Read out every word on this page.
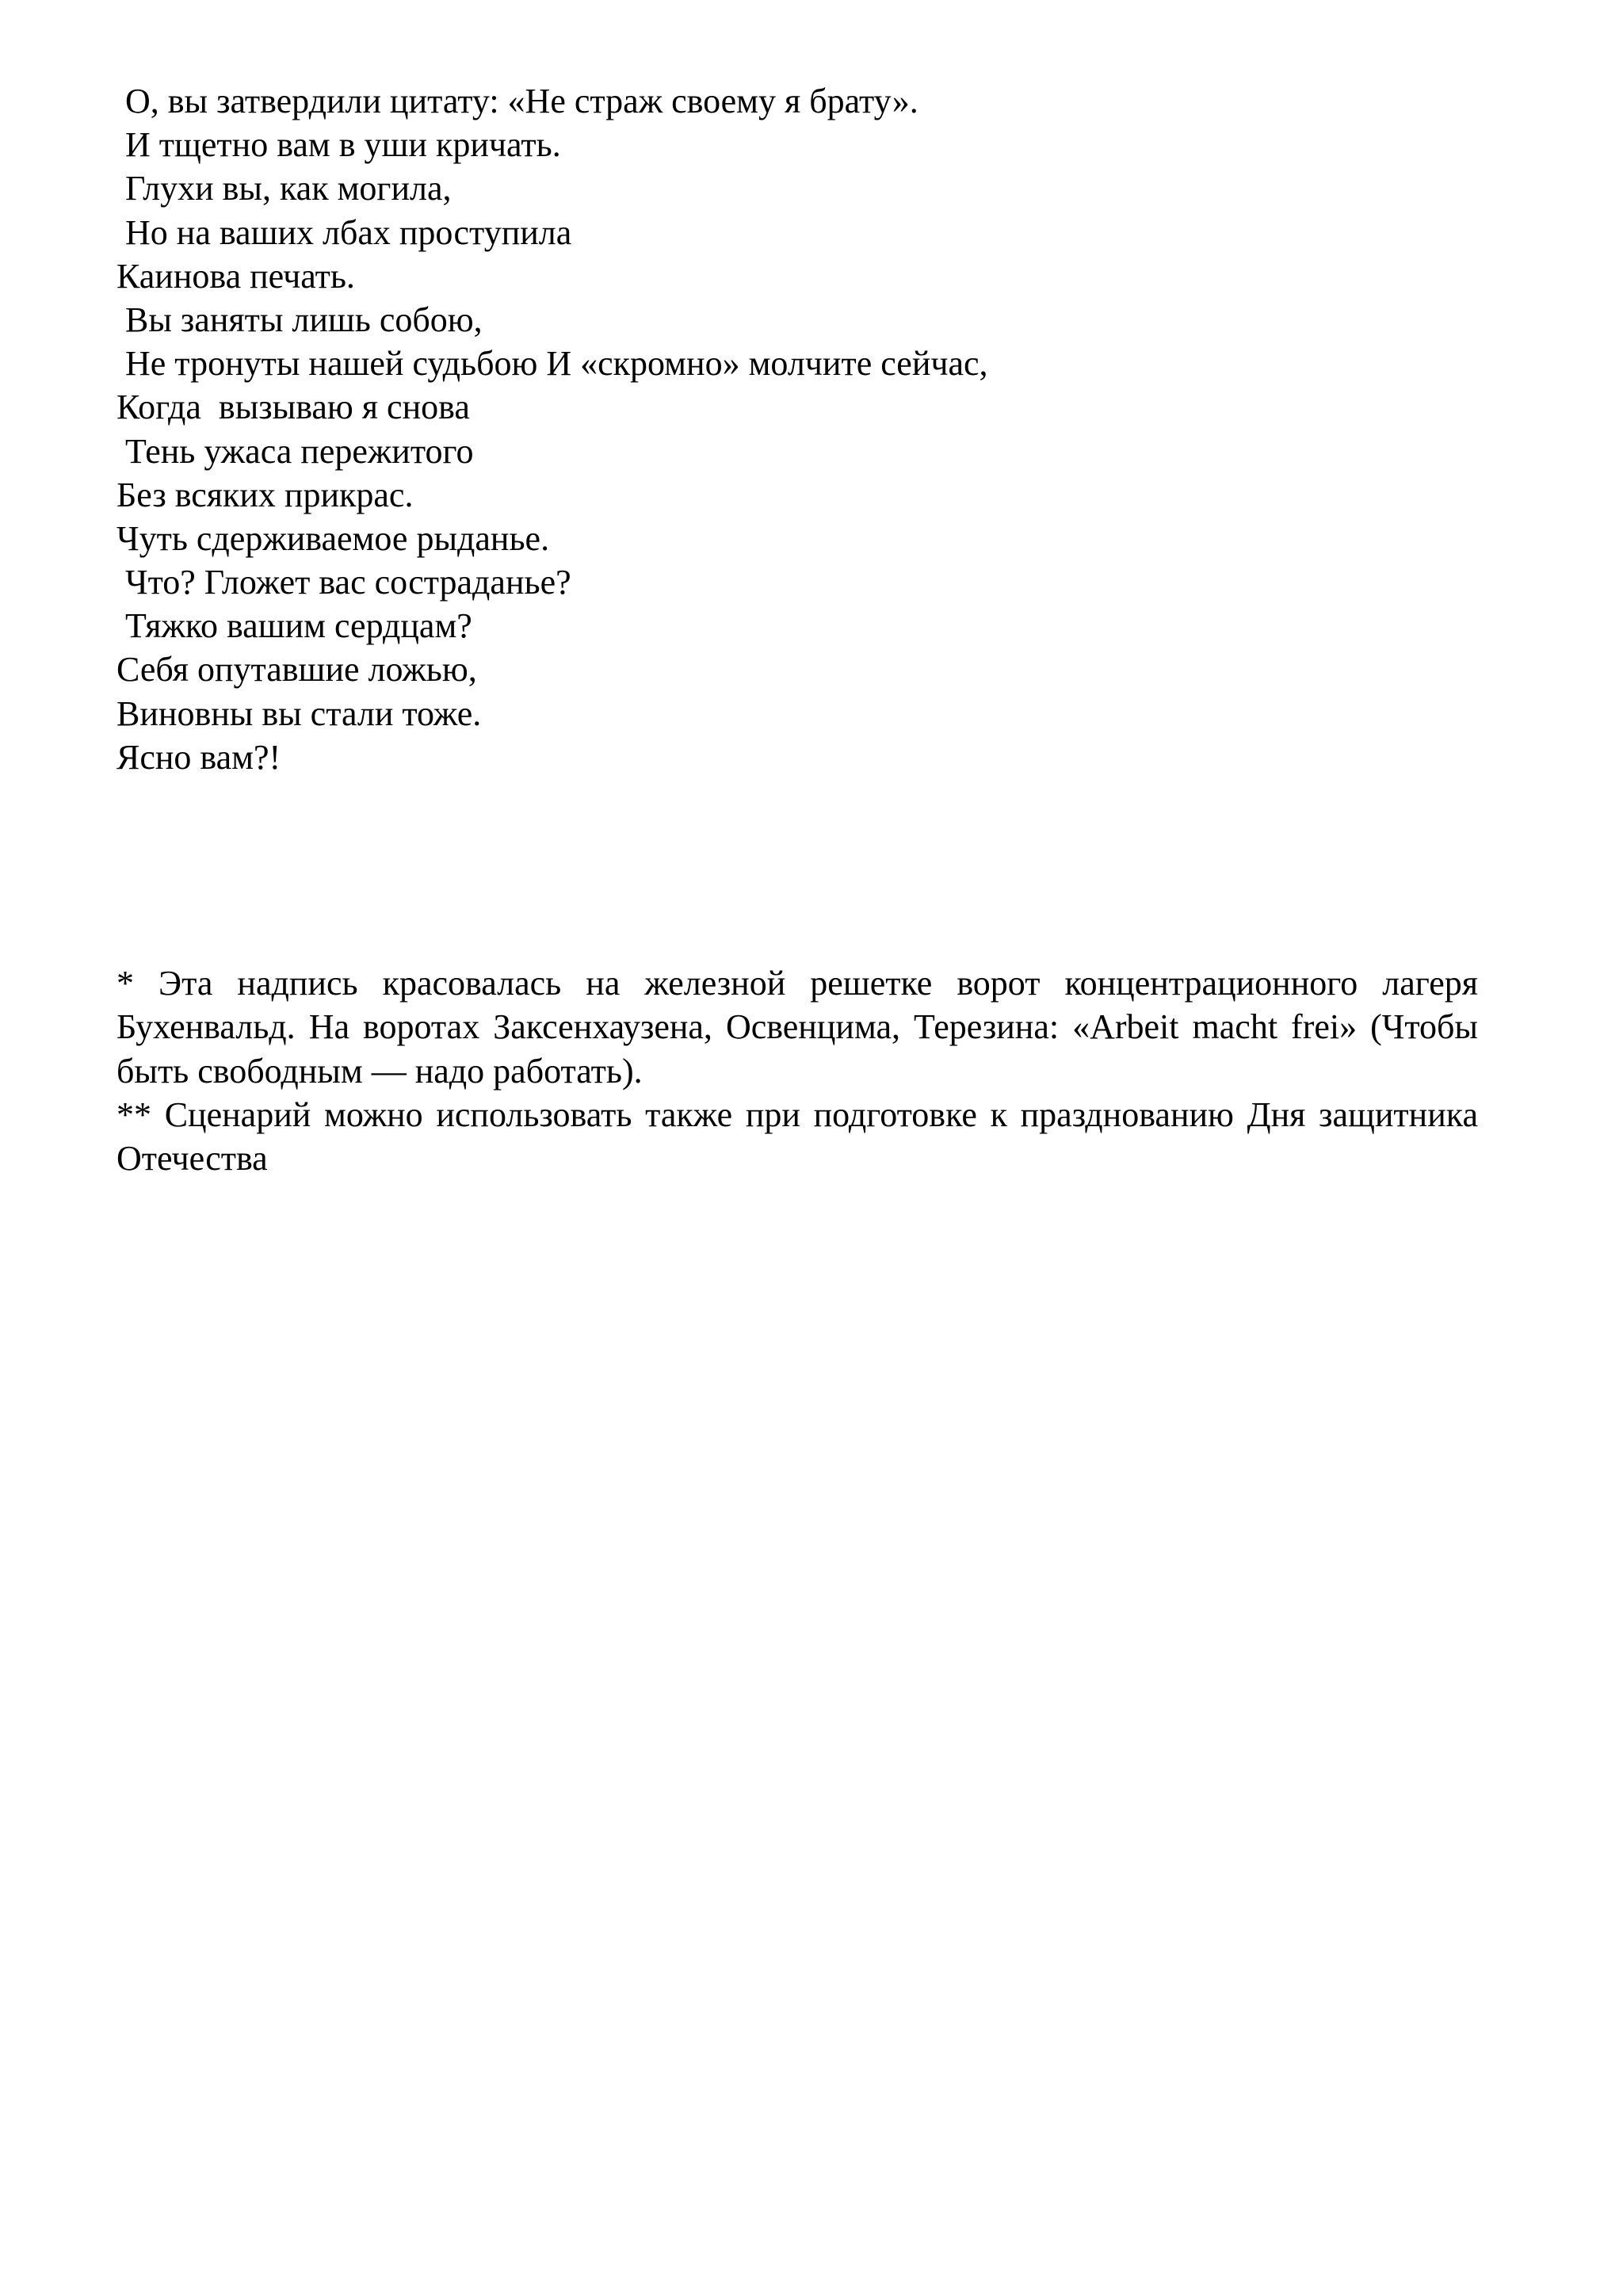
О, вы затвердили цитату: «Не страж своему я брату».
И тщетно вам в уши кричать.
Глухи вы, как могила,
Но на ваших лбах проступила
Каинова печать.
Вы заняты лишь собою,
Не тронуты нашей судьбою И «скромно» молчите сейчас,
Когда  вызываю я снова
Тень ужаса пережитого
Без всяких прикрас.
Чуть сдерживаемое рыданье.
Что? Гложет вас состраданье?
Тяжко вашим сердцам?
Себя опутавшие ложью,
Виновны вы стали тоже.
Ясно вам?!

* Эта надпись красовалась на железной решетке ворот концентрационного лагеря Бухенвальд. На воротах Заксенхаузена, Освенцима, Терезина: «Arbeit macht frei» (Чтобы быть свободным — надо работать).

** Сценарий можно использовать также при подготовке к празднованию Дня защитника Отечества
